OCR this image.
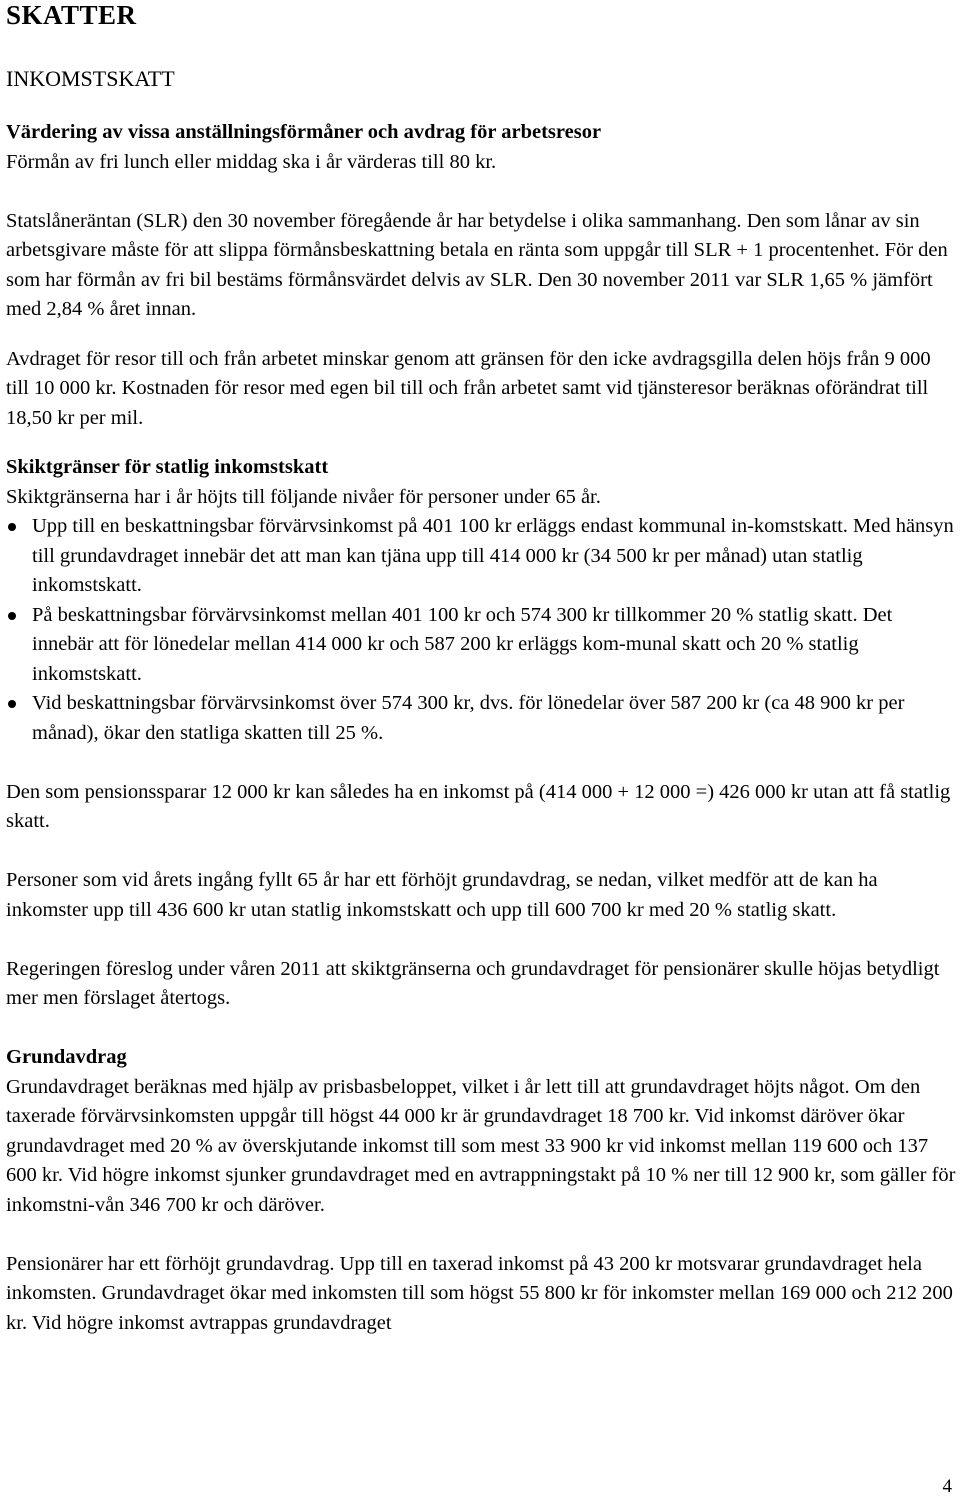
SKATTER
INKOMSTSKATT
Värdering av vissa anställningsförmåner och avdrag för arbetsresor

Förmån av fri lunch eller middag ska i år värderas till 80 kr.

Statslåneräntan (SLR) den 30 november föregående år har betydelse i olika sammanhang. Den som lånar av sin arbetsgivare måste för att slippa förmånsbeskattning betala en ränta som uppgår till SLR + 1 procentenhet. För den som har förmån av fri bil bestäms förmånsvärdet delvis av SLR. Den 30 november 2011 var SLR 1,65 % jämfört med 2,84 % året innan.

Avdraget för resor till och från arbetet minskar genom att gränsen för den icke avdragsgilla delen höjs från 9 000 till 10 000 kr. Kostnaden för resor med egen bil till och från arbetet samt vid tjänsteresor beräknas oförändrat till 18,50 kr per mil.

Skiktgränser för statlig inkomstskatt

Skiktgränserna har i år höjts till följande nivåer för personer under 65 år.

Upp till en beskattningsbar förvärvsinkomst på 401 100 kr erläggs endast kommunal in-komstskatt. Med hänsyn till grundavdraget innebär det att man kan tjäna upp till 414 000 kr (34 500 kr per månad) utan statlig inkomstskatt.
På beskattningsbar förvärvsinkomst mellan 401 100 kr och 574 300 kr tillkommer 20 % statlig skatt. Det innebär att för lönedelar mellan 414 000 kr och 587 200 kr erläggs kom-munal skatt och 20 % statlig inkomstskatt.
Vid beskattningsbar förvärvsinkomst över 574 300 kr, dvs. för lönedelar över 587 200 kr (ca 48 900 kr per månad), ökar den statliga skatten till 25 %.

Den som pensionssparar 12 000 kr kan således ha en inkomst på (414 000 + 12 000 =) 426 000 kr utan att få statlig skatt.

Personer som vid årets ingång fyllt 65 år har ett förhöjt grundavdrag, se nedan, vilket medför att de kan ha inkomster upp till 436 600 kr utan statlig inkomstskatt och upp till 600 700 kr med 20 % statlig skatt.

Regeringen föreslog under våren 2011 att skiktgränserna och grundavdraget för pensionärer skulle höjas betydligt mer men förslaget återtogs.

Grundavdrag

Grundavdraget beräknas med hjälp av prisbasbeloppet, vilket i år lett till att grundavdraget höjts något. Om den taxerade förvärvsinkomsten uppgår till högst 44 000 kr är grundavdraget 18 700 kr. Vid inkomst däröver ökar grundavdraget med 20 % av överskjutande inkomst till som mest 33 900 kr vid inkomst mellan 119 600 och 137 600 kr. Vid högre inkomst sjunker grundavdraget med en avtrappningstakt på 10 % ner till 12 900 kr, som gäller för inkomstni-vån 346 700 kr och däröver.

Pensionärer har ett förhöjt grundavdrag. Upp till en taxerad inkomst på 43 200 kr motsvarar grundavdraget hela inkomsten. Grundavdraget ökar med inkomsten till som högst 55 800 kr för inkomster mellan 169 000 och 212 200 kr. Vid högre inkomst avtrappas grundavdraget

4
